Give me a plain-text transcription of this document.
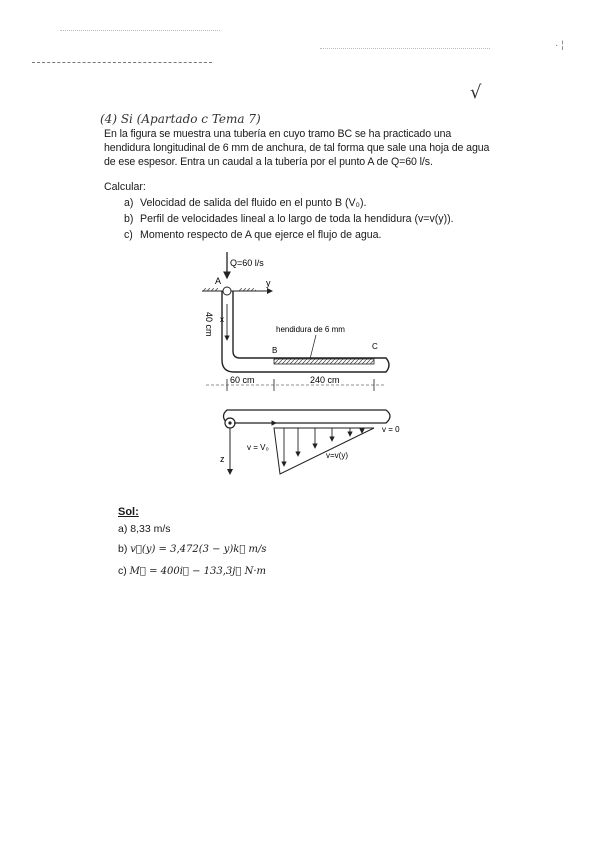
· ¦
(4) Si (Apartado c Tema 7)
√
En la figura se muestra una tubería en cuyo tramo BC se ha practicado una hendidura longitudinal de 6 mm de anchura, de tal forma que sale una hoja de agua de ese espesor. Entra un caudal a la tubería por el punto A de Q=60 l/s.
Calcular:
a) Velocidad de salida del fluido en el punto B (V₀).
b) Perfil de velocidades lineal a lo largo de toda la hendidura (v=v(y)).
c) Momento respecto de A que ejerce el flujo de agua.
Q=60 l/s
A	y
x
40 cm
B	C
hendidura de 6 mm
60 cm	240 cm
z
v = 0
v = V₀
v=v(y)
Sol:
a) 8,33 m/s
b) v⃗(y) = 3,472(3 − y)k⃗ m/s
c) M⃗ = 400i⃗ − 133,3j⃗ N·m
